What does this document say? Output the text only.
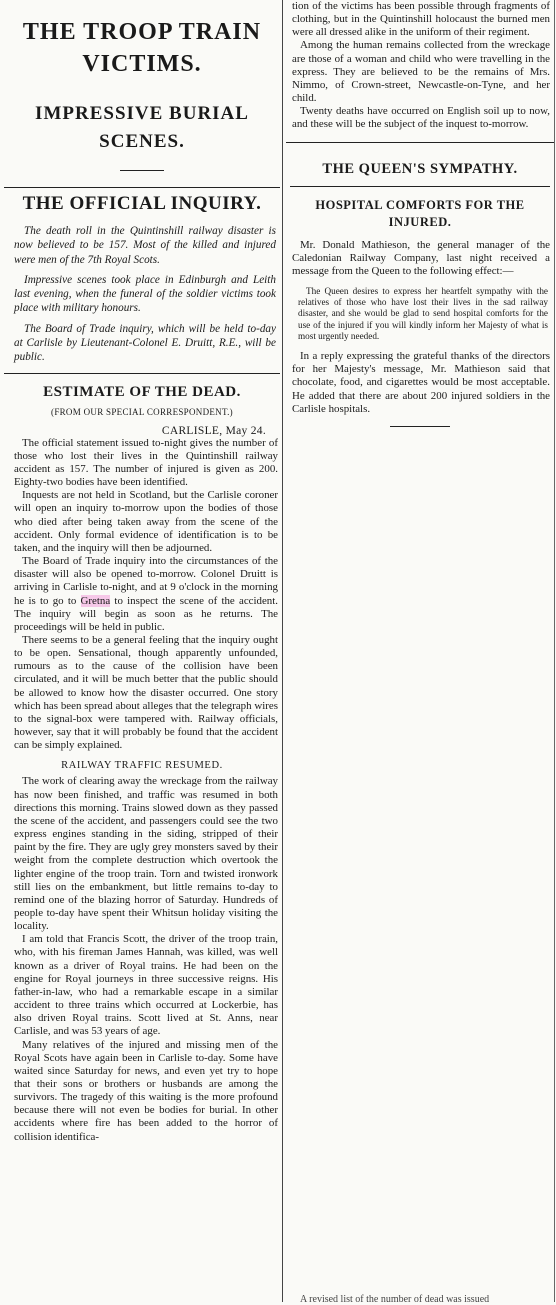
THE TROOP TRAIN VICTIMS.
IMPRESSIVE BURIAL SCENES.
THE OFFICIAL INQUIRY.

The death roll in the Quintinshill railway disaster is now believed to be 157. Most of the killed and injured were men of the 7th Royal Scots.

Impressive scenes took place in Edinburgh and Leith last evening, when the funeral of the soldier victims took place with military honours.

The Board of Trade inquiry, which will be held to-day at Carlisle by Lieutenant-Colonel E. Druitt, R.E., will be public.

ESTIMATE OF THE DEAD.
(FROM OUR SPECIAL CORRESPONDENT.)
CARLISLE, May 24.

The official statement issued to-night gives the number of those who lost their lives in the Quintinshill railway accident as 157. The number of injured is given as 200. Eighty-two bodies have been identified.

Inquests are not held in Scotland, but the Carlisle coroner will open an inquiry to-morrow upon the bodies of those who died after being taken away from the scene of the accident. Only formal evidence of identification is to be taken, and the inquiry will then be adjourned.

The Board of Trade inquiry into the circumstances of the disaster will also be opened to-morrow. Colonel Druitt is arriving in Carlisle to-night, and at 9 o'clock in the morning he is to go to Gretna to inspect the scene of the accident. The inquiry will begin as soon as he returns. The proceedings will be held in public.

There seems to be a general feeling that the inquiry ought to be open. Sensational, though apparently unfounded, rumours as to the cause of the collision have been circulated, and it will be much better that the public should be allowed to know how the disaster occurred. One story which has been spread about alleges that the telegraph wires to the signal-box were tampered with. Railway officials, however, say that it will probably be found that the accident can be simply explained.

RAILWAY TRAFFIC RESUMED.

The work of clearing away the wreckage from the railway has now been finished, and traffic was resumed in both directions this morning. Trains slowed down as they passed the scene of the accident, and passengers could see the two express engines standing in the siding, stripped of their paint by the fire. They are ugly grey monsters saved by their weight from the complete destruction which overtook the lighter engine of the troop train. Torn and twisted ironwork still lies on the embankment, but little remains to-day to remind one of the blazing horror of Saturday. Hundreds of people to-day have spent their Whitsun holiday visiting the locality.

I am told that Francis Scott, the driver of the troop train, who, with his fireman James Hannah, was killed, was well known as a driver of Royal trains. He had been on the engine for Royal journeys in three successive reigns. His father-in-law, who had a remarkable escape in a similar accident to three trains which occurred at Lockerbie, has also driven Royal trains. Scott lived at St. Anns, near Carlisle, and was 53 years of age.

Many relatives of the injured and missing men of the Royal Scots have again been in Carlisle to-day. Some have waited since Saturday for news, and even yet try to hope that their sons or brothers or husbands are among the survivors. The tragedy of this waiting is the more profound because there will not even be bodies for burial. In other accidents where fire has been added to the horror of collision identifica-

tion of the victims has been possible through fragments of clothing, but in the Quintinshill holocaust the burned men were all dressed alike in the uniform of their regiment.

Among the human remains collected from the wreckage are those of a woman and child who were travelling in the express. They are believed to be the remains of Mrs. Nimmo, of Crown-street, Newcastle-on-Tyne, and her child.

Twenty deaths have occurred on English soil up to now, and these will be the subject of the inquest to-morrow.

THE QUEEN'S SYMPATHY.
HOSPITAL COMFORTS FOR THE INJURED.

Mr. Donald Mathieson, the general manager of the Caledonian Railway Company, last night received a message from the Queen to the following effect:—

The Queen desires to express her heartfelt sympathy with the relatives of those who have lost their lives in the sad railway disaster, and she would be glad to send hospital comforts for the use of the injured if you will kindly inform her Majesty of what is most urgently needed.

In a reply expressing the grateful thanks of the directors for her Majesty's message, Mr. Mathieson said that chocolate, food, and cigarettes would be most acceptable. He added that there are about 200 injured soldiers in the Carlisle hospitals.

A revised list of the number of dead was issued
